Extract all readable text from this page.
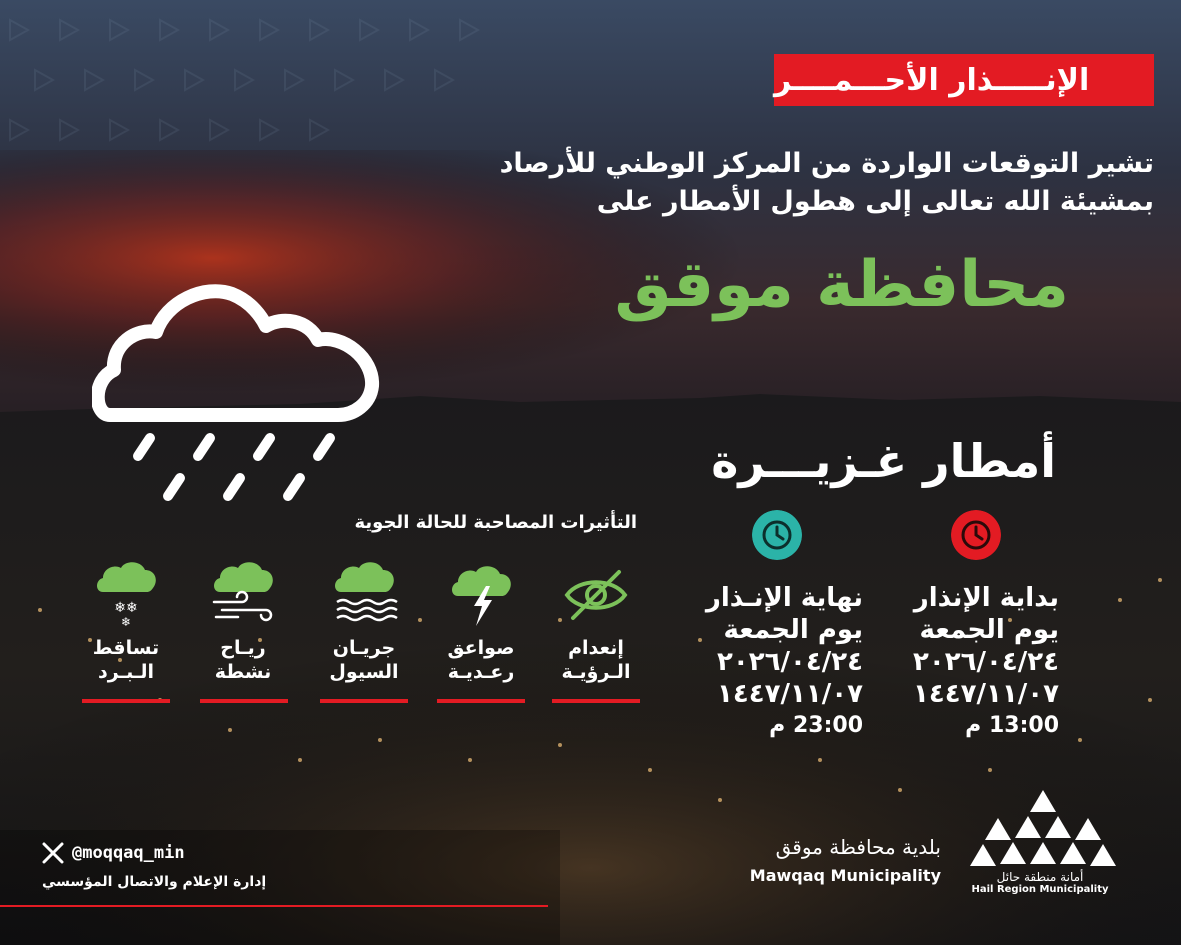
الإنـــــذار الأحـــمــــر
تشير التوقعات الواردة من المركز الوطني للأرصاد
بمشيئة الله تعالى إلى هطول الأمطار على
محافظة موقق
أمطار غـزيـــرة
بداية الإنذار
يوم الجمعة
٢٠٢٦/٠٤/٢٤
١٤٤٧/١١/٠٧
13:00 م
نهاية الإنـذار
يوم الجمعة
٢٠٢٦/٠٤/٢٤
١٤٤٧/١١/٠٧
23:00 م
التأثيرات المصاحبة للحالة الجوية
إنعدام
الـرؤيـة
صواعق
رعـديـة
جريـان
السيول
ريـاح
نشطة
❄❄
❄
تساقط
الـبـرد
@moqqaq_min
إدارة الإعلام والاتصال المؤسسي
بلدية محافظة موقق
Mawqaq Municipality	أمانة منطقة حائل
Hail Region Municipality
